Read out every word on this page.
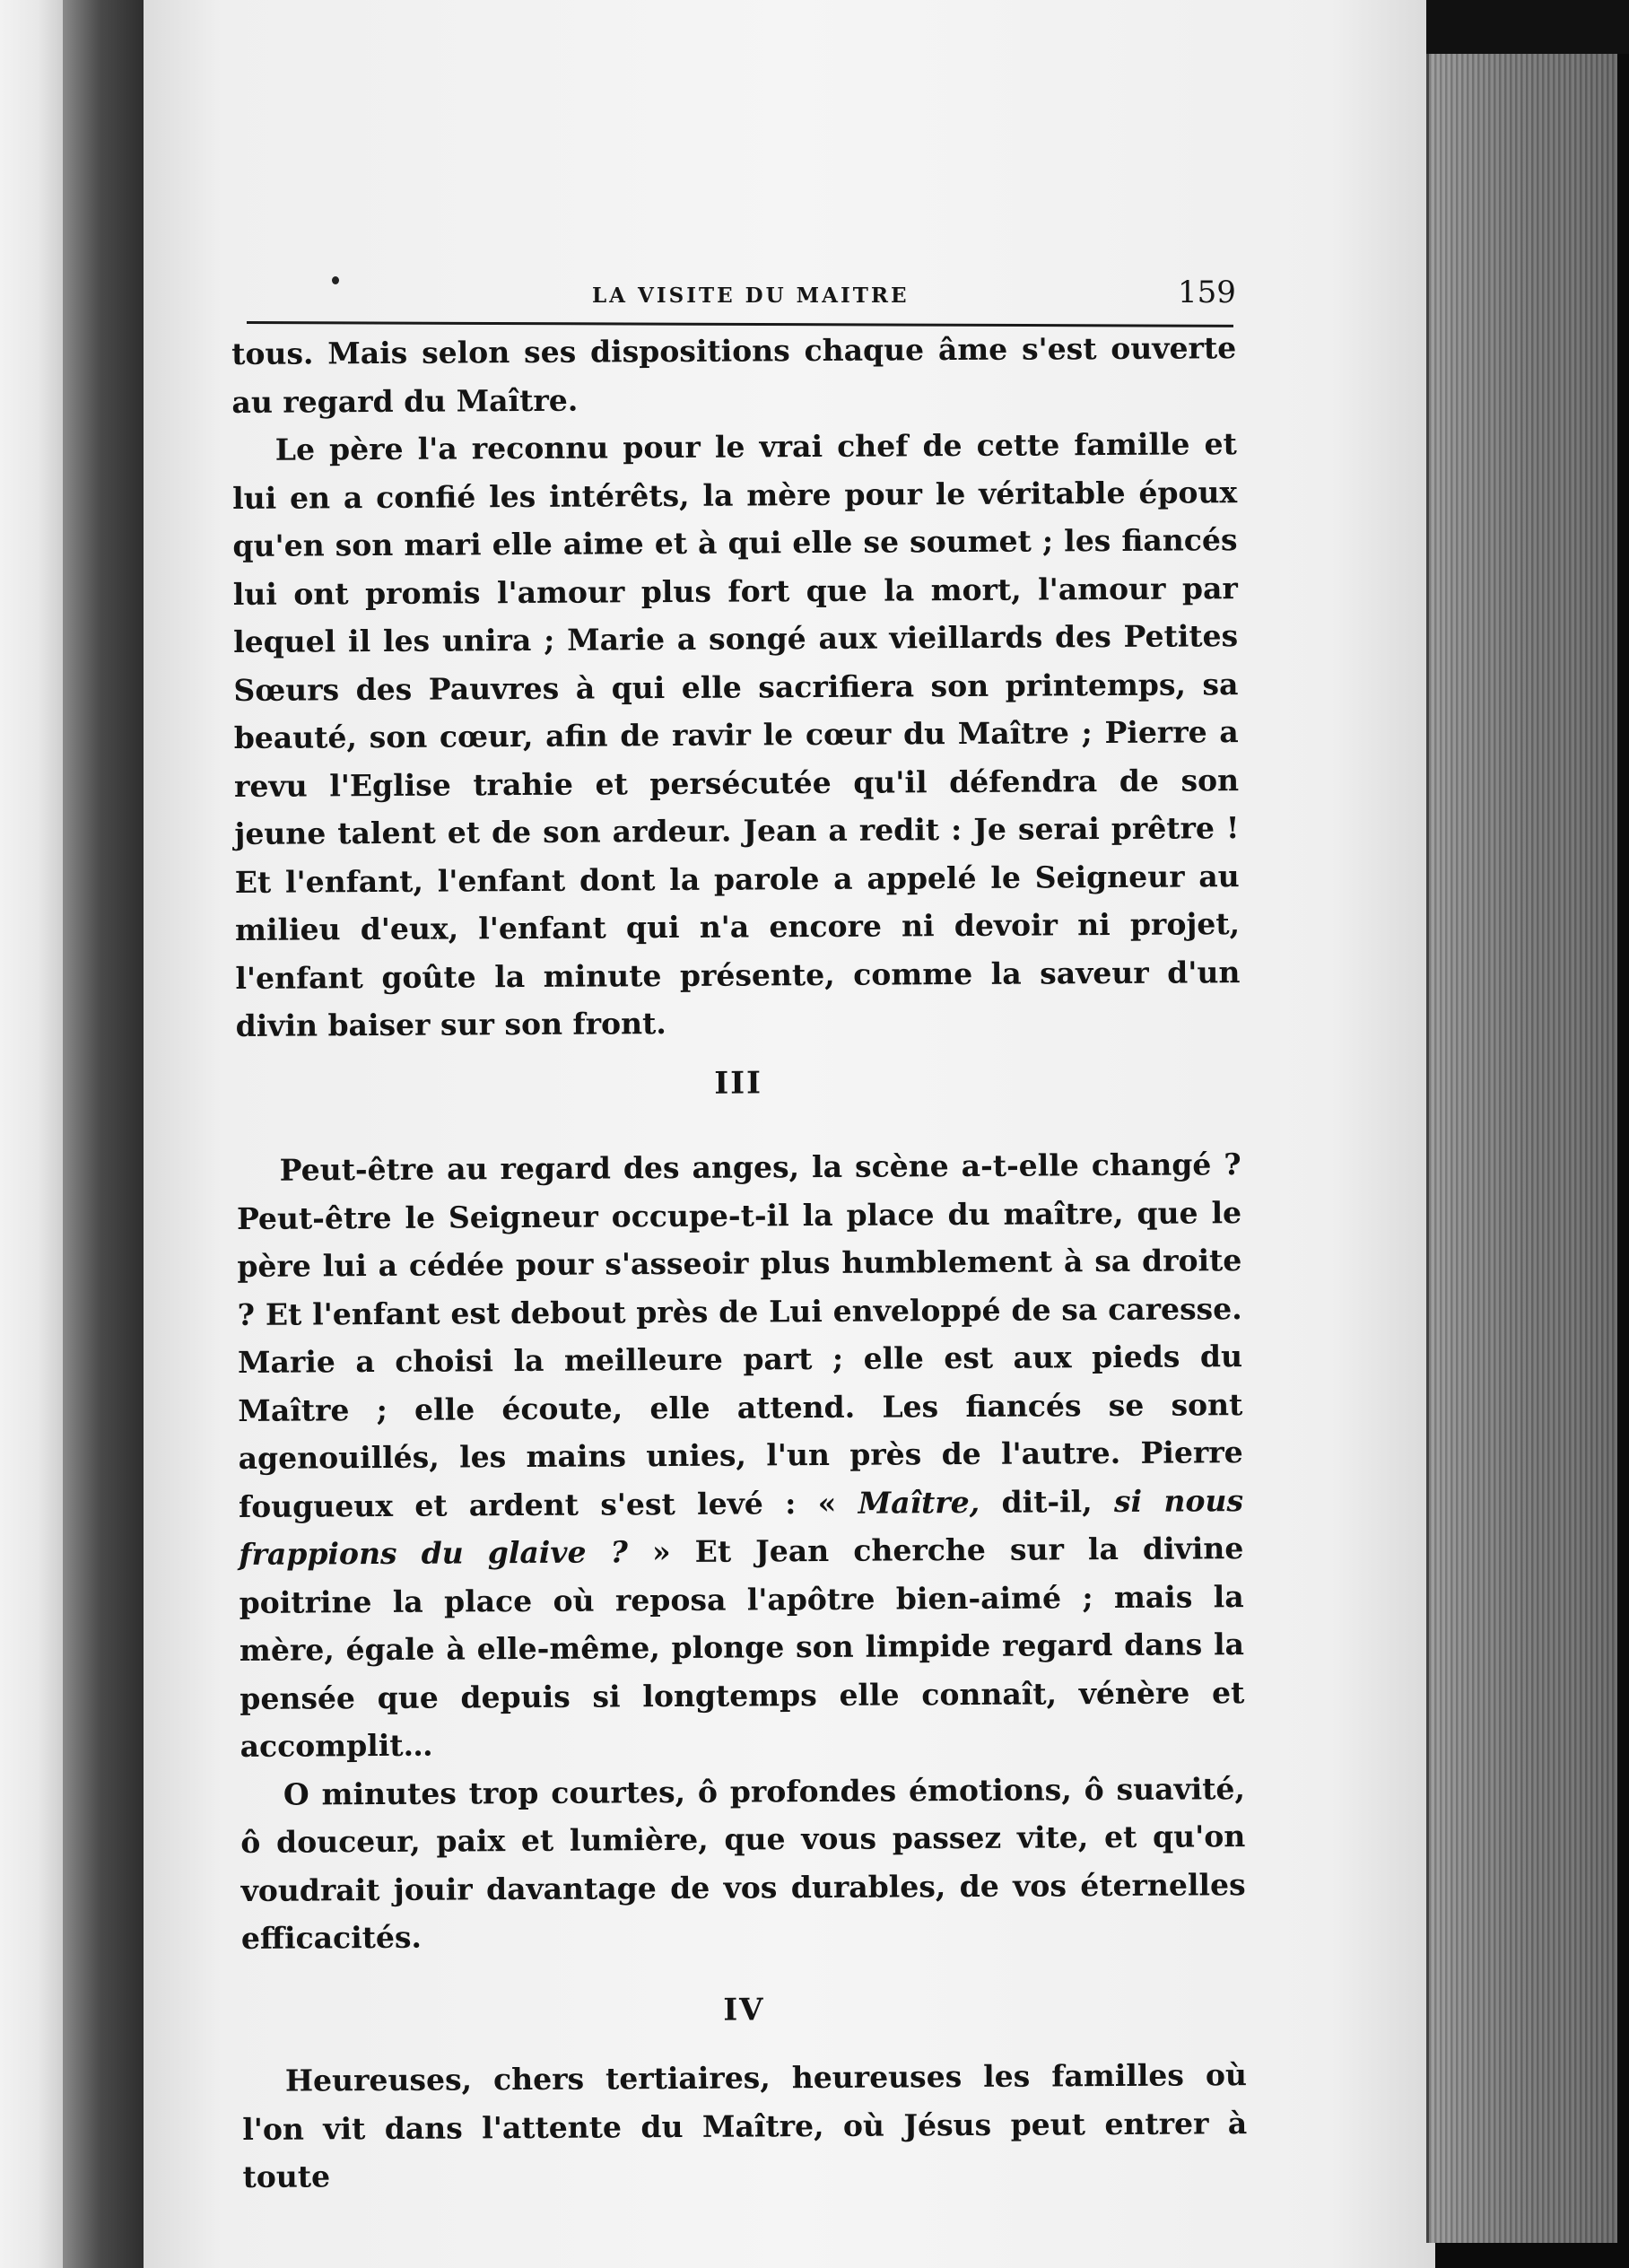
LA VISITE DU MAITRE	159

tous. Mais selon ses dispositions chaque âme s'est ouverte au regard du Maître.

Le père l'a reconnu pour le vrai chef de cette famille et lui en a confié les intérêts, la mère pour le véritable époux qu'en son mari elle aime et à qui elle se soumet ; les fiancés lui ont promis l'amour plus fort que la mort, l'amour par lequel il les unira ; Marie a songé aux vieillards des Petites Sœurs des Pauvres à qui elle sacrifiera son printemps, sa beauté, son cœur, afin de ravir le cœur du Maître ; Pierre a revu l'Eglise trahie et persécutée qu'il défendra de son jeune talent et de son ardeur. Jean a redit : Je serai prêtre ! Et l'enfant, l'enfant dont la parole a appelé le Seigneur au milieu d'eux, l'enfant qui n'a encore ni devoir ni projet, l'enfant goûte la minute présente, comme la saveur d'un divin baiser sur son front.

III

Peut-être au regard des anges, la scène a-t-elle changé ? Peut-être le Seigneur occupe-t-il la place du maître, que le père lui a cédée pour s'asseoir plus humblement à sa droite ? Et l'enfant est debout près de Lui enveloppé de sa caresse. Marie a choisi la meilleure part ; elle est aux pieds du Maître ; elle écoute, elle attend. Les fiancés se sont agenouillés, les mains unies, l'un près de l'autre. Pierre fougueux et ardent s'est levé : « Maître, dit-il, si nous frappions du glaive ? » Et Jean cherche sur la divine poitrine la place où reposa l'apôtre bien-aimé ; mais la mère, égale à elle-même, plonge son limpide regard dans la pensée que depuis si longtemps elle connaît, vénère et accomplit…

O minutes trop courtes, ô profondes émotions, ô suavité, ô douceur, paix et lumière, que vous passez vite, et qu'on voudrait jouir davantage de vos durables, de vos éternelles efficacités.

IV

Heureuses, chers tertiaires, heureuses les familles où l'on vit dans l'attente du Maître, où Jésus peut entrer à toute
